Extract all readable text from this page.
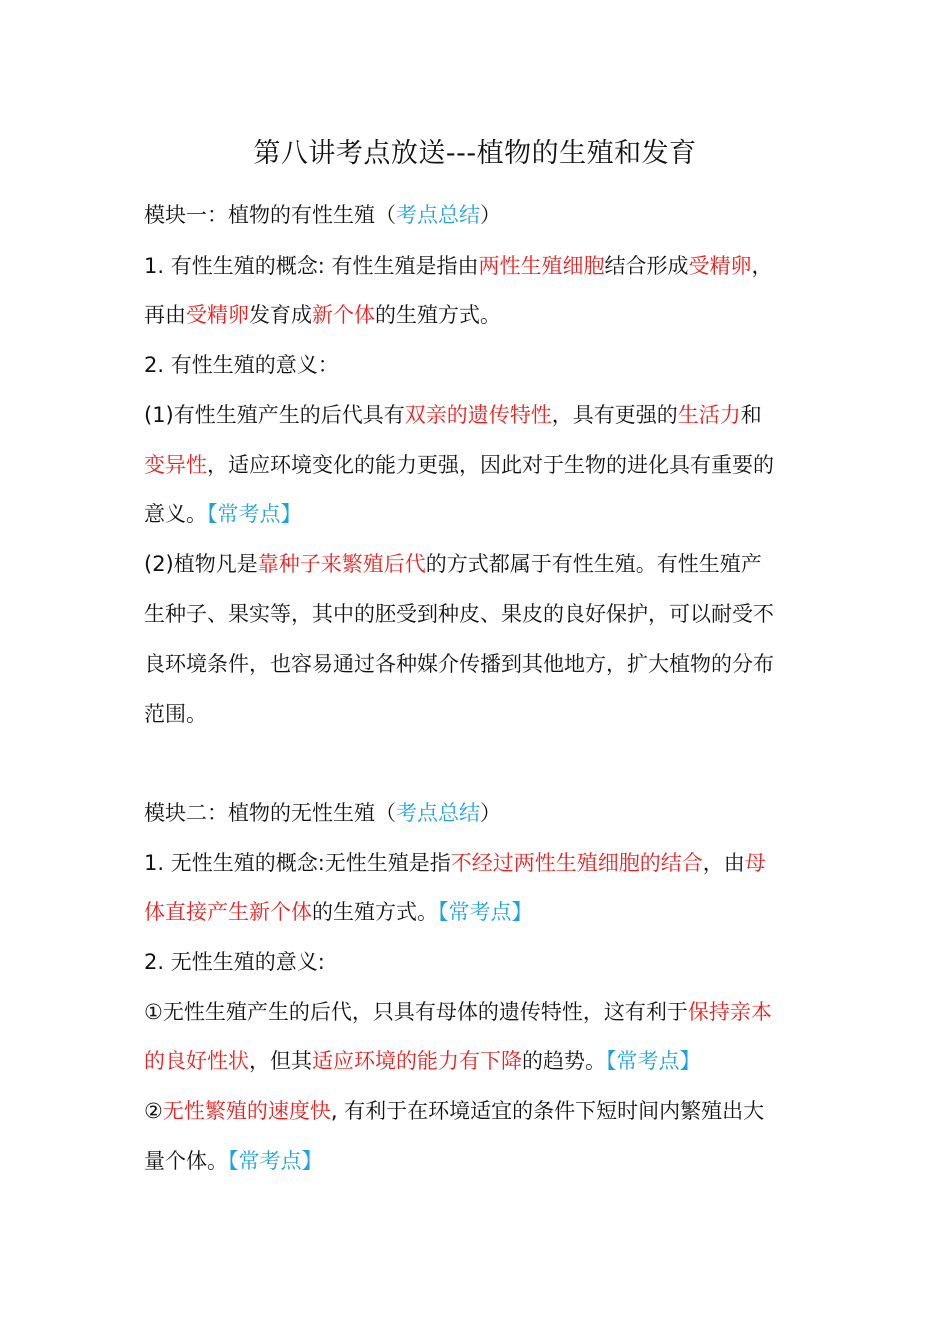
第八讲考点放送---植物的生殖和发育
模块一：植物的有性生殖（考点总结）
1. 有性生殖的概念: 有性生殖是指由两性生殖细胞结合形成受精卵，
再由受精卵发育成新个体的生殖方式。
2. 有性生殖的意义：
(1)有性生殖产生的后代具有双亲的遗传特性，具有更强的生活力和
变异性，适应环境变化的能力更强，因此对于生物的进化具有重要的
意义。【常考点】
(2)植物凡是靠种子来繁殖后代的方式都属于有性生殖。有性生殖产
生种子、果实等，其中的胚受到种皮、果皮的良好保护，可以耐受不
良环境条件，也容易通过各种媒介传播到其他地方，扩大植物的分布
范围。
模块二：植物的无性生殖（考点总结）
1. 无性生殖的概念:无性生殖是指不经过两性生殖细胞的结合，由母
体直接产生新个体的生殖方式。【常考点】
2. 无性生殖的意义:
①无性生殖产生的后代，只具有母体的遗传特性，这有利于保持亲本
的良好性状，但其适应环境的能力有下降的趋势。【常考点】
②无性繁殖的速度快, 有利于在环境适宜的条件下短时间内繁殖出大
量个体。【常考点】
